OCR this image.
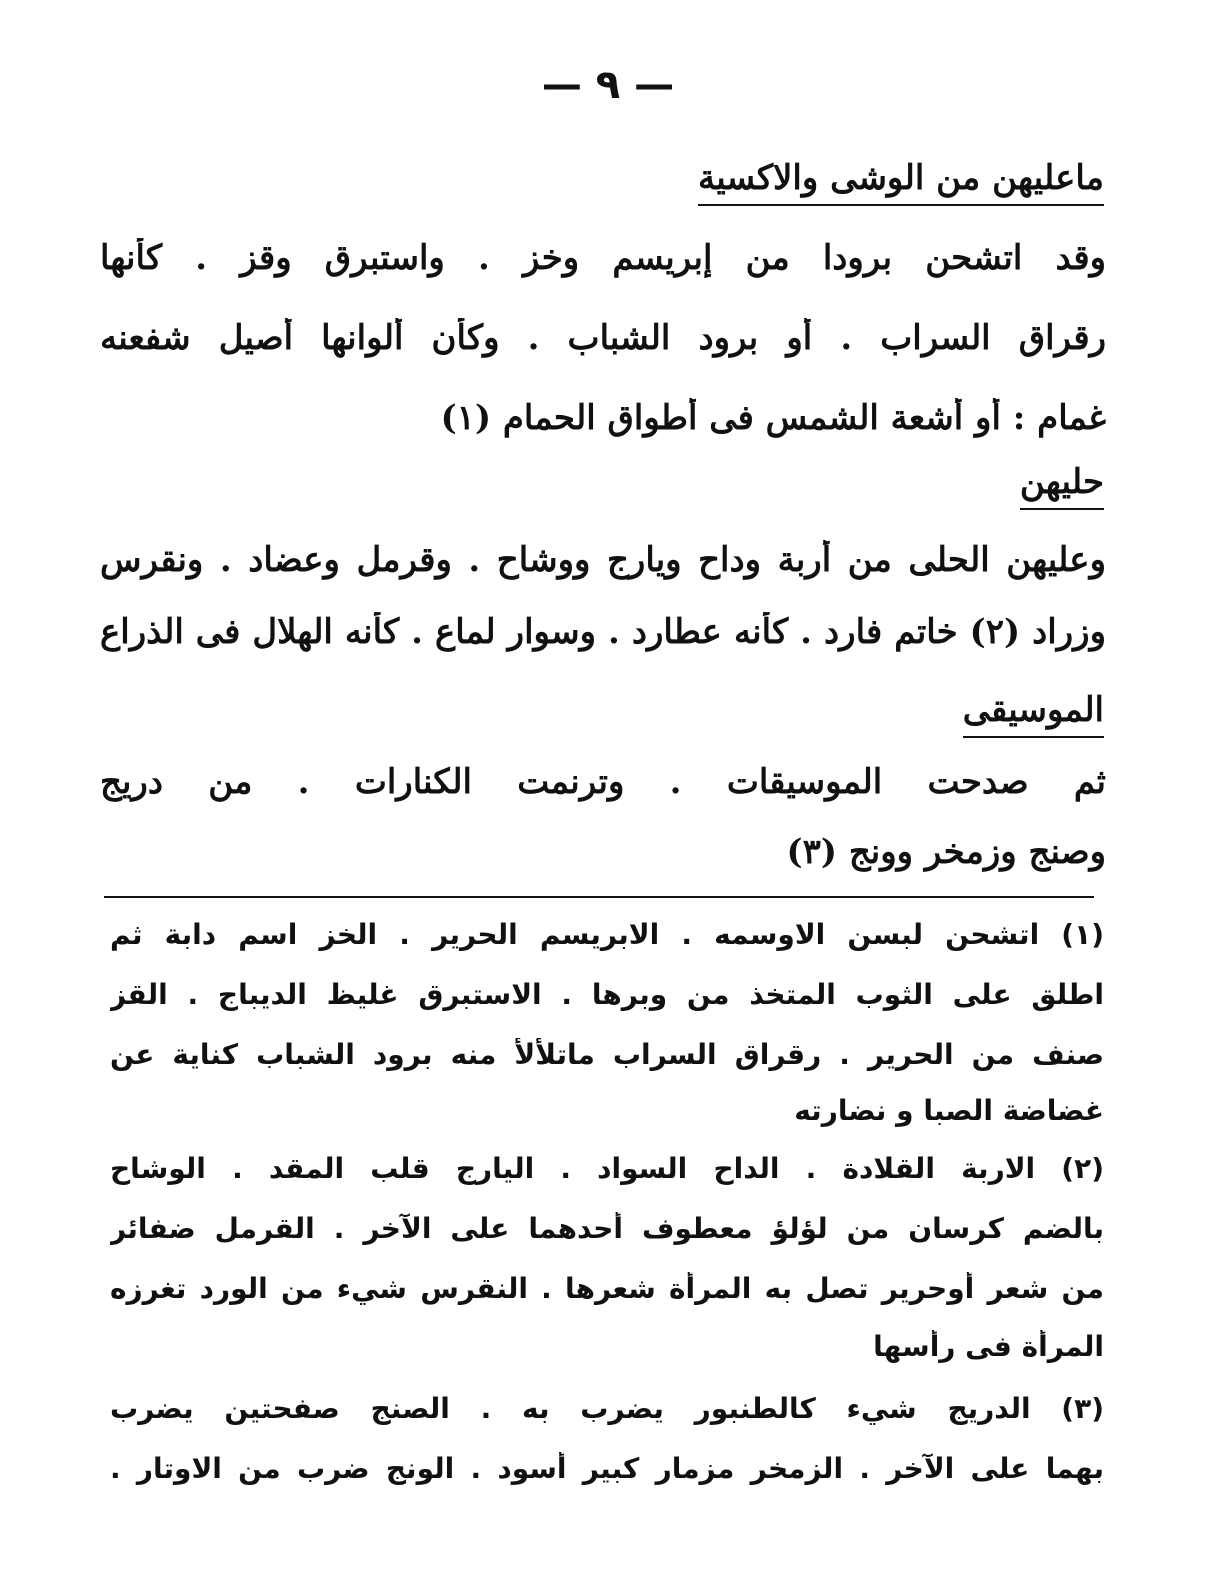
— ٩ —
ماعليهن من الوشى والاكسية
وقد اتشحن برودا من إبريسم وخز . واستبرق وقز . كأنها
رقراق السراب . أو برود الشباب . وكأن ألوانها أصيل شفعنه
غمام : أو أشعة الشمس فى أطواق الحمام (١)
حليهن
وعليهن الحلى من أربة وداح ويارج ووشاح . وقرمل وعضاد . ونقرس
وزراد (٢) خاتم فارد . كأنه عطارد . وسوار لماع . كأنه الهلال فى الذراع
الموسيقى
ثم صدحت الموسيقات . وترنمت الكنارات . من دريج
وصنج وزمخر وونج (٣)
(١) اتشحن لبسن الاوسمه . الابريسم الحرير . الخز اسم دابة ثم
اطلق على الثوب المتخذ من وبرها . الاستبرق غليظ الديباج . القز
صنف من الحرير . رقراق السراب ماتلألأ منه برود الشباب كناية عن
غضاضة الصبا و نضارته
(٢) الاربة القلادة . الداح السواد . اليارج قلب المقد . الوشاح
بالضم كرسان من لؤلؤ معطوف أحدهما على الآخر . القرمل ضفائر
من شعر أوحرير تصل به المرأة شعرها . النقرس شيء من الورد تغرزه
المرأة فى رأسها
(٣) الدريج شيء كالطنبور يضرب به . الصنج صفحتين يضرب
بهما على الآخر . الزمخر مزمار كبير أسود . الونج ضرب من الاوتار .
